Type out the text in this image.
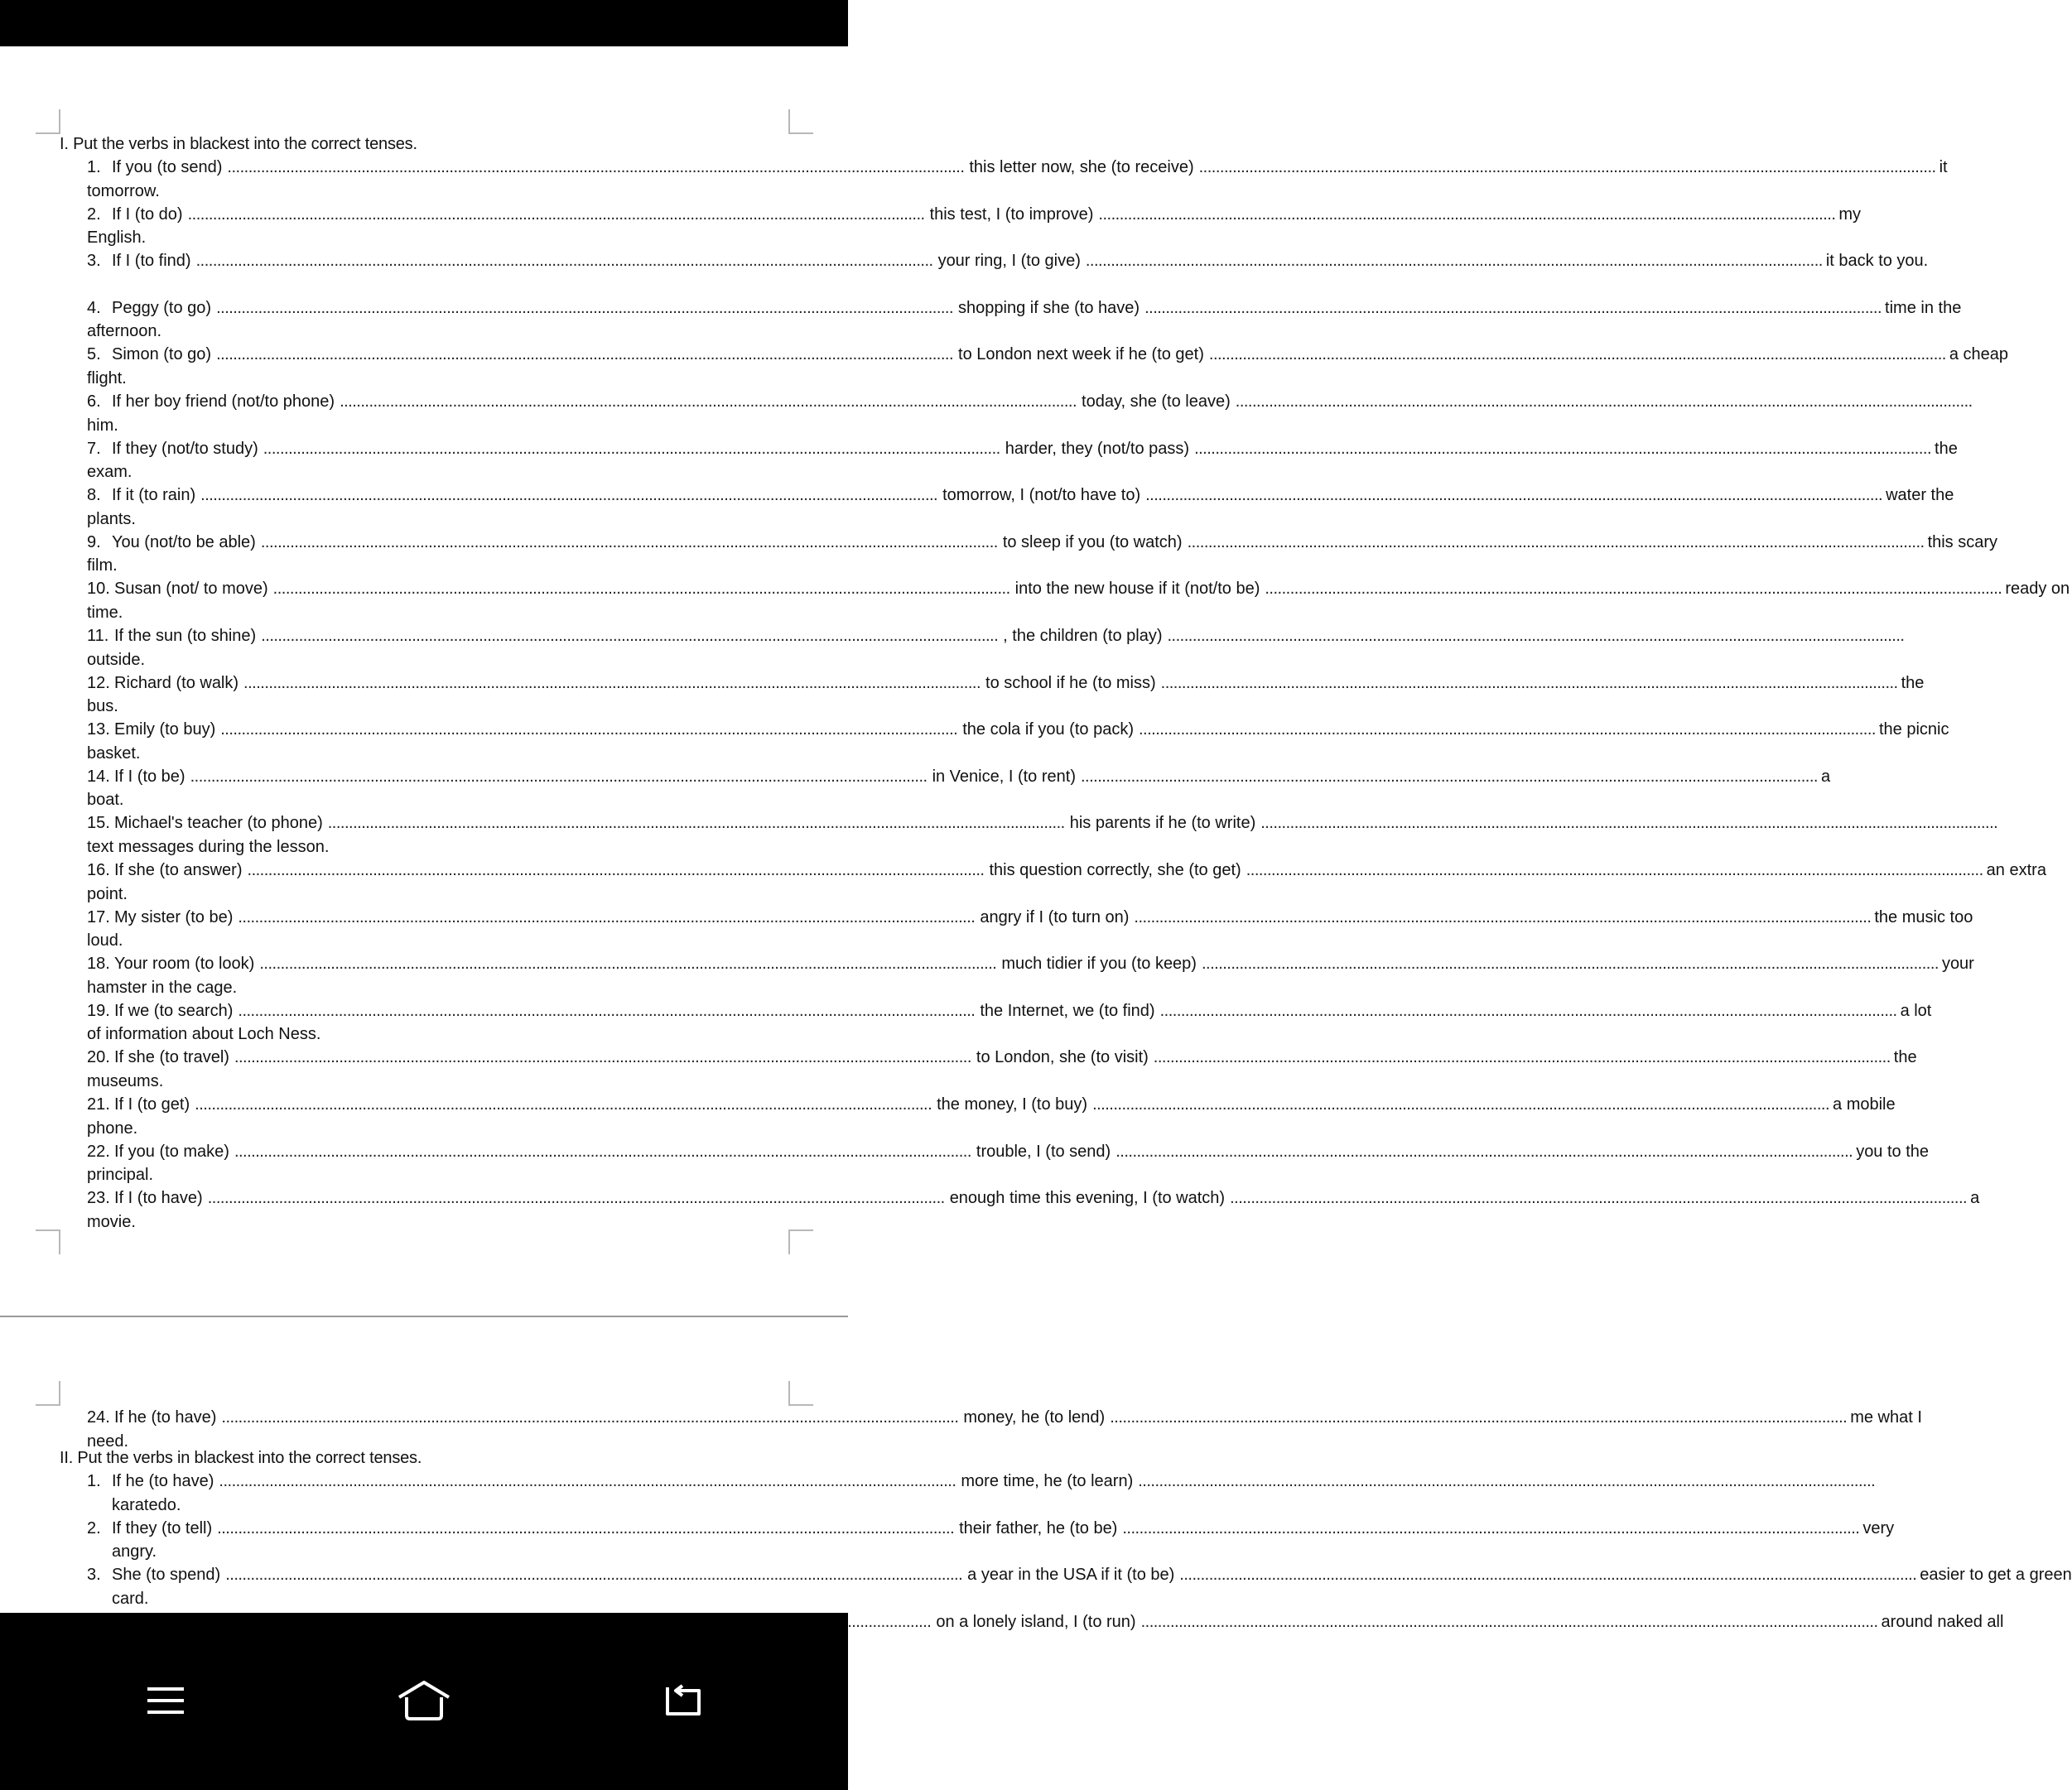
I. Put the verbs in blackest into the correct tenses.
1. If you (to send) .....	this letter now, she (to receive) .....	it
tomorrow.
2. If I (to do) .....	this test, I (to improve) .....	my
English.
3. If I (to find) .....	your ring, I (to give) .....	it back to you.
4. Peggy (to go) .....	shopping if she (to have) .....	time in the
afternoon.
5. Simon (to go) .....	to London next week if he (to get) .....	a cheap
flight.
6. If her boy friend (not/to phone) .....	today, she (to leave)
.....
him.
7. If they (not/to study) .....	harder, they (not/to pass) .....	the
exam.
8. If it (to rain) .....	tomorrow, I (not/to have to) .....	water the
plants.
9. You (not/to be able) .....	to sleep if you (to watch) .....	this scary
film.
10. Susan (not/ to move) .....	into the new house if it (not/to be) .....	ready on
time.
11. If the sun (to shine) .....	, the children (to play)
.....
outside.
12. Richard (to walk) .....	to school if he (to miss) .....	the
bus.
13. Emily (to buy) .....	the cola if you (to pack) .....	the picnic
basket.
14. If I (to be) .....	in Venice, I (to rent) .....	a
boat.
15. Michael's teacher (to phone) .....	his parents if he (to write)
.....
text messages during the lesson.
16. If she (to answer) .....	this question correctly, she (to get) .....	an extra
point.
17. My sister (to be) .....	angry if I (to turn on) .....	the music too
loud.
18. Your room (to look) .....	much tidier if you (to keep) .....	your
hamster in the cage.
19. If we (to search) .....	the Internet, we (to find) .....	a lot
of information about Loch Ness.
20. If she (to travel) .....	to London, she (to visit) .....	the
museums.
21. If I (to get) .....	the money, I (to buy) .....	a mobile
phone.
22. If you (to make) .....	trouble, I (to send) .....	you to the
principal.
23. If I (to have) .....	enough time this evening, I (to watch) .....	a
movie.
24. If he (to have) .....	money, he (to lend) .....	me what I
need.
II. Put the verbs in blackest into the correct tenses.
1. If he (to have) .....	more time, he (to learn)
.....
karatedo.
2. If they (to tell) .....	their father, he (to be) .....	very
angry.
3. She (to spend) .....	a year in the USA if it (to be) .....	easier to get a green
card.
.....
on a lonely island, I (to run) .....	around naked all
